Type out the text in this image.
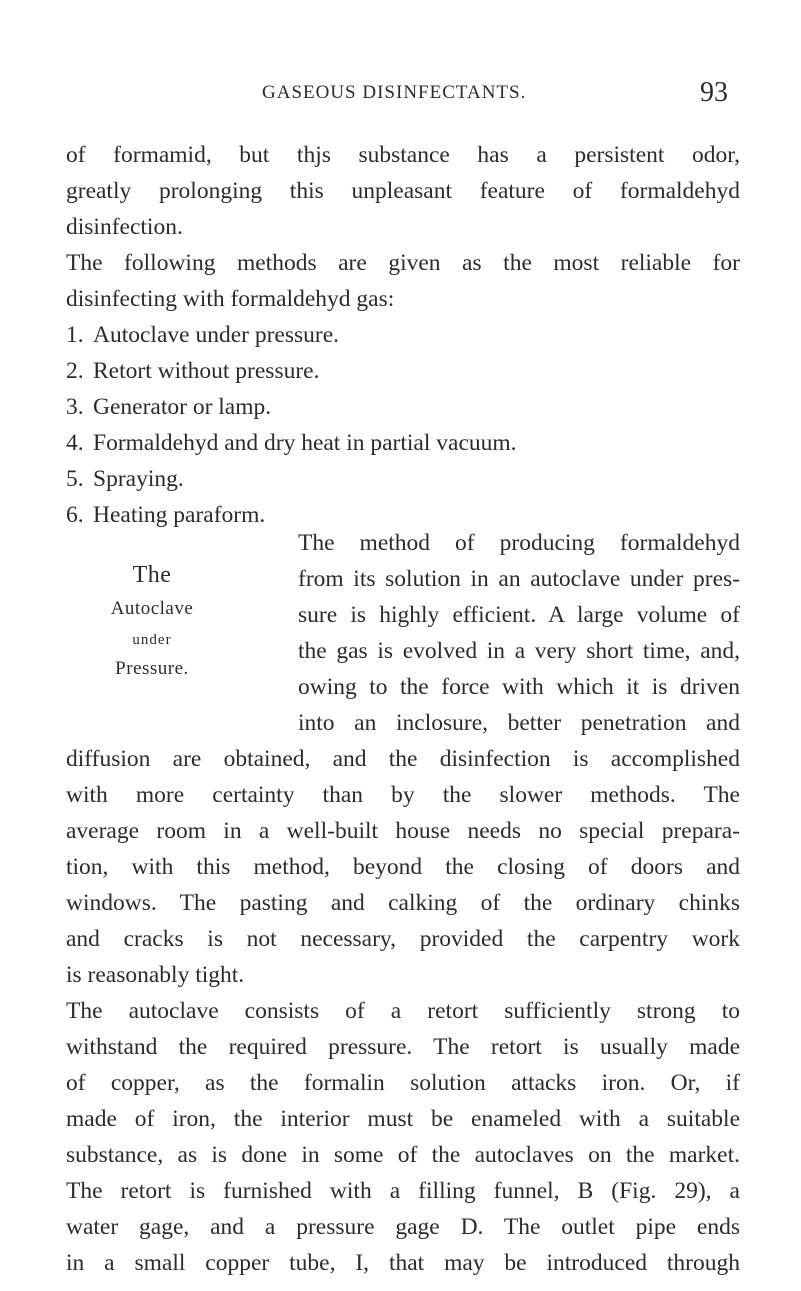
GASEOUS DISINFECTANTS.	93
of formamid, but thjs substance has a persistent odor,
greatly prolonging this unpleasant feature of formaldehyd
disinfection.
The following methods are given as the most reliable for
disinfecting with formaldehyd gas:
1. Autoclave under pressure.
2. Retort without pressure.
3. Generator or lamp.
4. Formaldehyd and dry heat in partial vacuum.
5. Spraying.
6. Heating paraform.
The
Autoclave
under
Pressure.
The method of producing formaldehyd
from its solution in an autoclave under pres-
sure is highly efficient. A large volume of
the gas is evolved in a very short time, and,
owing to the force with which it is driven
into an inclosure, better penetration and
diffusion are obtained, and the disinfection is accomplished
with more certainty than by the slower methods. The
average room in a well-built house needs no special prepara-
tion, with this method, beyond the closing of doors and
windows. The pasting and calking of the ordinary chinks
and cracks is not necessary, provided the carpentry work
is reasonably tight.
The autoclave consists of a retort sufficiently strong to
withstand the required pressure. The retort is usually made
of copper, as the formalin solution attacks iron. Or, if
made of iron, the interior must be enameled with a suitable
substance, as is done in some of the autoclaves on the market.
The retort is furnished with a filling funnel, B (Fig. 29), a
water gage, and a pressure gage D. The outlet pipe ends
in a small copper tube, I, that may be introduced through
